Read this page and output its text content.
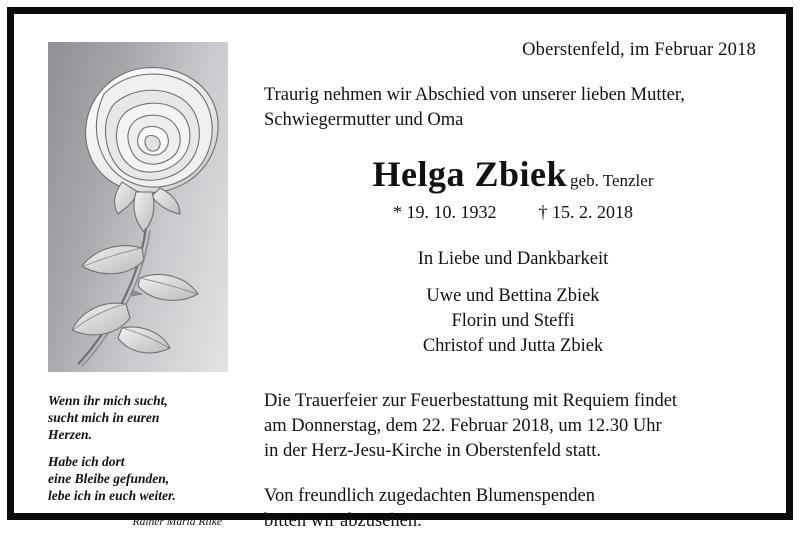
Wenn ihr mich sucht,
sucht mich in euren
Herzen.

Habe ich dort
eine Bleibe gefunden,
lebe ich in euch weiter.

Rainer Maria Rilke
Oberstenfeld, im Februar 2018
Traurig nehmen wir Abschied von unserer lieben Mutter,
Schwiegermutter und Oma
Helga Zbiek geb. Tenzler
* 19. 10. 1932 † 15. 2. 2018
In Liebe und Dankbarkeit
Uwe und Bettina Zbiek
Florin und Steffi
Christof und Jutta Zbiek
Die Trauerfeier zur Feuerbestattung mit Requiem findet
am Donnerstag, dem 22. Februar 2018, um 12.30 Uhr
in der Herz-Jesu-Kirche in Oberstenfeld statt.
Von freundlich zugedachten Blumenspenden
bitten wir abzusehen.
